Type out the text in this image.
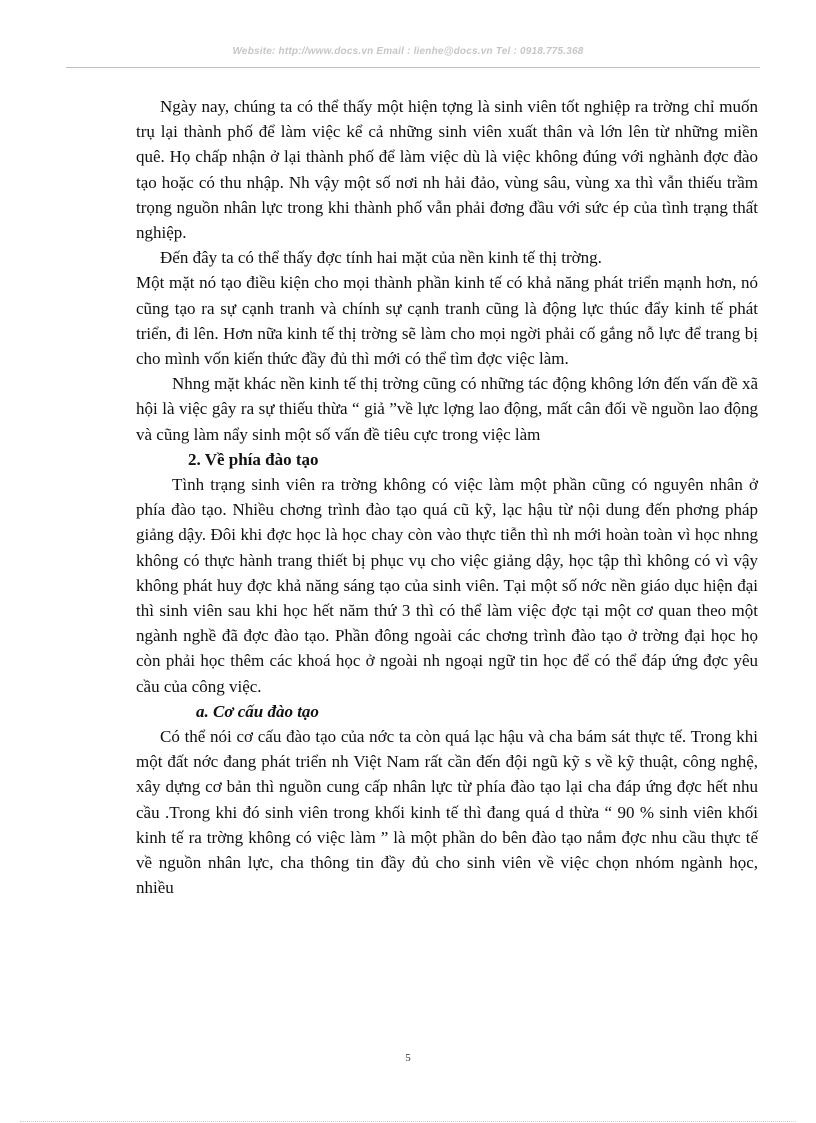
Website: http://www.docs.vn Email : lienhe@docs.vn Tel : 0918.775.368

Ngày nay, chúng ta có thể thấy một hiện tợng là sinh viên tốt nghiệp ra trờng chỉ muốn trụ lại thành phố để làm việc kể cả những sinh viên xuất thân và lớn lên từ những miền quê. Họ chấp nhận ở lại thành phố để làm việc dù là việc không đúng với nghành đợc đào tạo hoặc có thu nhập. Nh vậy một số nơi nh hải đảo, vùng sâu, vùng xa thì vẫn thiếu trầm trọng nguồn nhân lực trong khi thành phố vẫn phải đơng đầu với sức ép của tình trạng thất nghiệp.

Đến đây ta có thể thấy đợc tính hai mặt của nền kinh tế thị trờng.

Một mặt nó tạo điều kiện cho mọi thành phần kinh tế có khả năng phát triển mạnh hơn, nó cũng tạo ra sự cạnh tranh và chính sự cạnh tranh cũng là động lực thúc đẩy kinh tế phát triển, đi lên. Hơn nữa kinh tế thị trờng sẽ làm cho mọi ngời phải cố gắng nỗ lực để trang bị cho mình vốn kiến thức đầy đủ thì mới có thể tìm đợc việc làm.

Nhng mặt khác nền kinh tế thị trờng cũng có những tác động không lớn đến vấn đề xã hội là việc gây ra sự thiếu thừa “ giả ”về lực lợng lao động, mất cân đối về nguồn lao động và cũng làm nẩy sinh một số vấn đề tiêu cực trong việc làm

2. Về phía đào tạo

Tình trạng sinh viên ra trờng không có việc làm một phần cũng có nguyên nhân ở phía đào tạo. Nhiều chơng trình đào tạo quá cũ kỹ, lạc hậu từ nội dung đến phơng pháp giảng dậy. Đôi khi đợc học là học chay còn vào thực tiễn thì nh mới hoàn toàn vì học nhng không có thực hành trang thiết bị phục vụ cho việc giảng dậy, học tập thì không có vì vậy không phát huy đợc khả năng sáng tạo của sinh viên. Tại một số nớc nền giáo dục hiện đại thì sinh viên sau khi học hết năm thứ 3 thì có thể làm việc đợc tại một cơ quan theo một ngành nghề đã đợc đào tạo. Phần đông ngoài các chơng trình đào tạo ở trờng đại học họ còn phải học thêm các khoá học ở ngoài nh ngoại ngữ tin học để có thể đáp ứng đợc yêu cầu của công việc.

a. Cơ cấu đào tạo

Có thể nói cơ cấu đào tạo của nớc ta còn quá lạc hậu và cha bám sát thực tế. Trong khi một đất nớc đang phát triển nh Việt Nam rất cần đến đội ngũ kỹ s về kỹ thuật, công nghệ, xây dựng cơ bản thì nguồn cung cấp nhân lực từ phía đào tạo lại cha đáp ứng đợc hết nhu cầu .Trong khi đó sinh viên trong khối kinh tế thì đang quá d thừa “ 90 % sinh viên khối kinh tế ra trờng không có việc làm ” là một phần do bên đào tạo nắm đợc nhu cầu thực tế về nguồn nhân lực, cha thông tin đầy đủ cho sinh viên về việc chọn nhóm ngành học, nhiều

5
